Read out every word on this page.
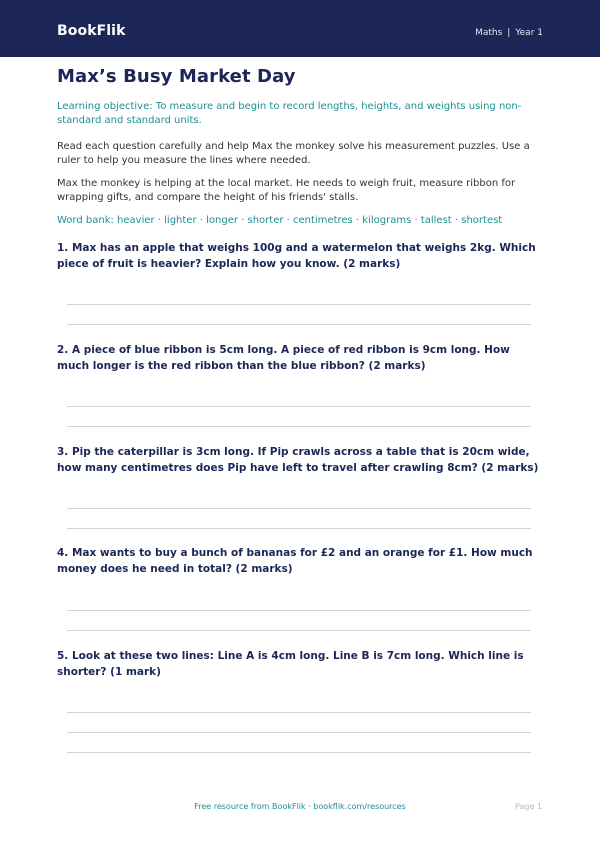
BookFlik	Maths | Year 1
Max’s Busy Market Day
Learning objective: To measure and begin to record lengths, heights, and weights using non-standard and standard units.
Read each question carefully and help Max the monkey solve his measurement puzzles. Use a ruler to help you measure the lines where needed.
Max the monkey is helping at the local market. He needs to weigh fruit, measure ribbon for wrapping gifts, and compare the height of his friends' stalls.
Word bank: heavier · lighter · longer · shorter · centimetres · kilograms · tallest · shortest
1. Max has an apple that weighs 100g and a watermelon that weighs 2kg. Which piece of fruit is heavier? Explain how you know. (2 marks)
2. A piece of blue ribbon is 5cm long. A piece of red ribbon is 9cm long. How much longer is the red ribbon than the blue ribbon? (2 marks)
3. Pip the caterpillar is 3cm long. If Pip crawls across a table that is 20cm wide, how many centimetres does Pip have left to travel after crawling 8cm? (2 marks)
4. Max wants to buy a bunch of bananas for £2 and an orange for £1. How much money does he need in total? (2 marks)
5. Look at these two lines: Line A is 4cm long. Line B is 7cm long. Which line is shorter? (1 mark)
Free resource from BookFlik · bookflik.com/resources	Page 1
